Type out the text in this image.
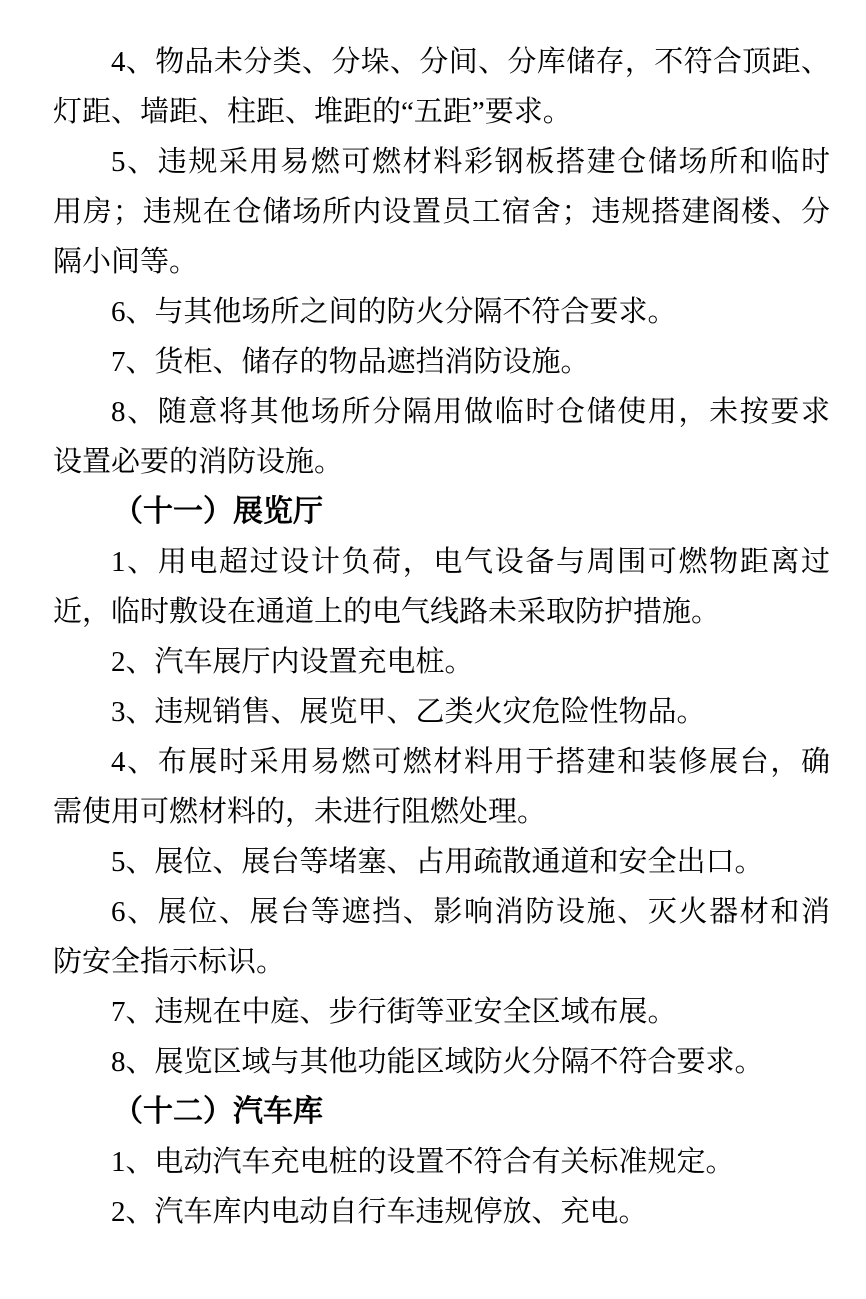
4、物品未分类、分垛、分间、分库储存，不符合顶距、
灯距、墙距、柱距、堆距的“五距”要求。
5、违规采用易燃可燃材料彩钢板搭建仓储场所和临时
用房；违规在仓储场所内设置员工宿舍；违规搭建阁楼、分
隔小间等。
6、与其他场所之间的防火分隔不符合要求。
7、货柜、储存的物品遮挡消防设施。
8、随意将其他场所分隔用做临时仓储使用，未按要求
设置必要的消防设施。
（十一）展览厅
1、用电超过设计负荷，电气设备与周围可燃物距离过
近，临时敷设在通道上的电气线路未采取防护措施。
2、汽车展厅内设置充电桩。
3、违规销售、展览甲、乙类火灾危险性物品。
4、布展时采用易燃可燃材料用于搭建和装修展台，确
需使用可燃材料的，未进行阻燃处理。
5、展位、展台等堵塞、占用疏散通道和安全出口。
6、展位、展台等遮挡、影响消防设施、灭火器材和消
防安全指示标识。
7、违规在中庭、步行街等亚安全区域布展。
8、展览区域与其他功能区域防火分隔不符合要求。
（十二）汽车库
1、电动汽车充电桩的设置不符合有关标准规定。
2、汽车库内电动自行车违规停放、充电。
